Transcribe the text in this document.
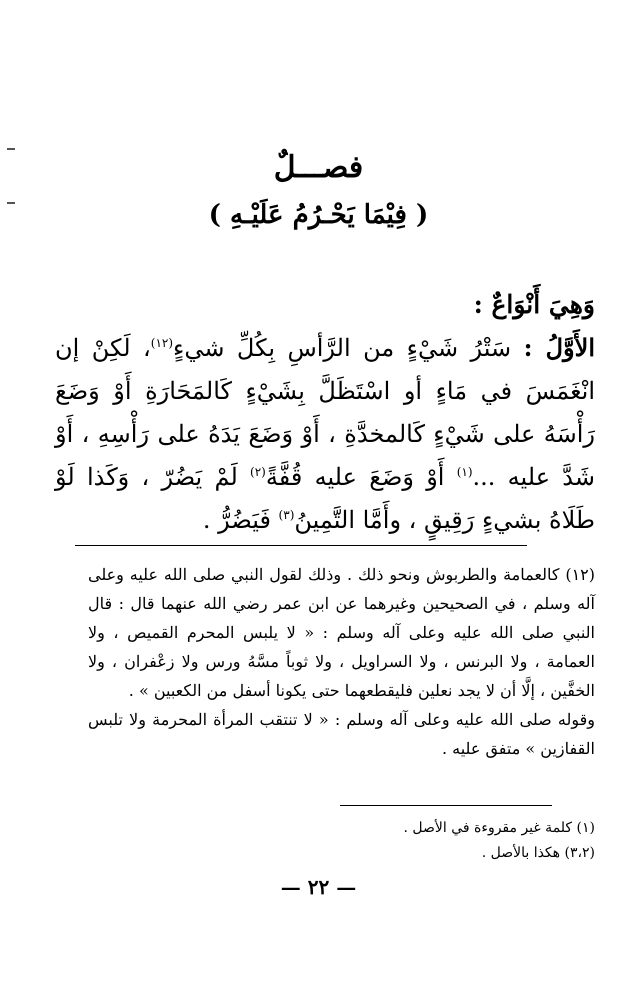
فصـــلٌ
( فِيْمَا يَحْـرُمُ عَلَيْـهِ )

وَهِيَ أَنْوَاعٌ :

الأَوَّلُ : سَتْرُ شَيْءٍ من الرَّأسِ بِكُلِّ شيءٍ$^{(١٢)}$، لَكِنْ إن انْغَمَسَ في مَاءٍ أو اسْتَظَلَّ بِشَيْءٍ كَالمَحَارَةِ أَوْ وَضَعَ رَأْسَهُ على شَيْءٍ كَالمخدَّةِ ، أَوْ وَضَعَ يَدَهُ على رَأْسِهِ ، أَوْ شَدَّ عليه ...$^{(١)}$ أَوْ وَضَعَ عليه قُفَّةً$^{(٢)}$ لَمْ يَضُرّ ، وَكَذا لَوْ طَلَاهُ بشيءٍ رَقِيقٍ ، وأَمَّا التَّمِينُ$^{(٣)}$ فَيَضُرُّ .

(١٢) كالعمامة والطربوش ونحو ذلك . وذلك لقول النبي صلى الله عليه وعلى آله وسلم ، في الصحيحين وغيرهما عن ابن عمر رضي الله عنهما قال : قال النبي صلى الله عليه وعلى آله وسلم : « لا يلبس المحرم القميص ، ولا العمامة ، ولا البرنس ، ولا السراويل ، ولا ثوباً مسَّهُ ورس ولا زعْفران ، ولا الخفَّين ، إلَّا أن لا يجد نعلين فليقطعهما حتى يكونا أسفل من الكعبين » .

وقوله صلى الله عليه وعلى آله وسلم : « لا تنتقب المرأة المحرمة ولا تلبس القفازين » متفق عليه .

(١) كلمة غير مقروءة في الأصل .
(٣،٢) هكذا بالأصل .
— ٢٢ —
